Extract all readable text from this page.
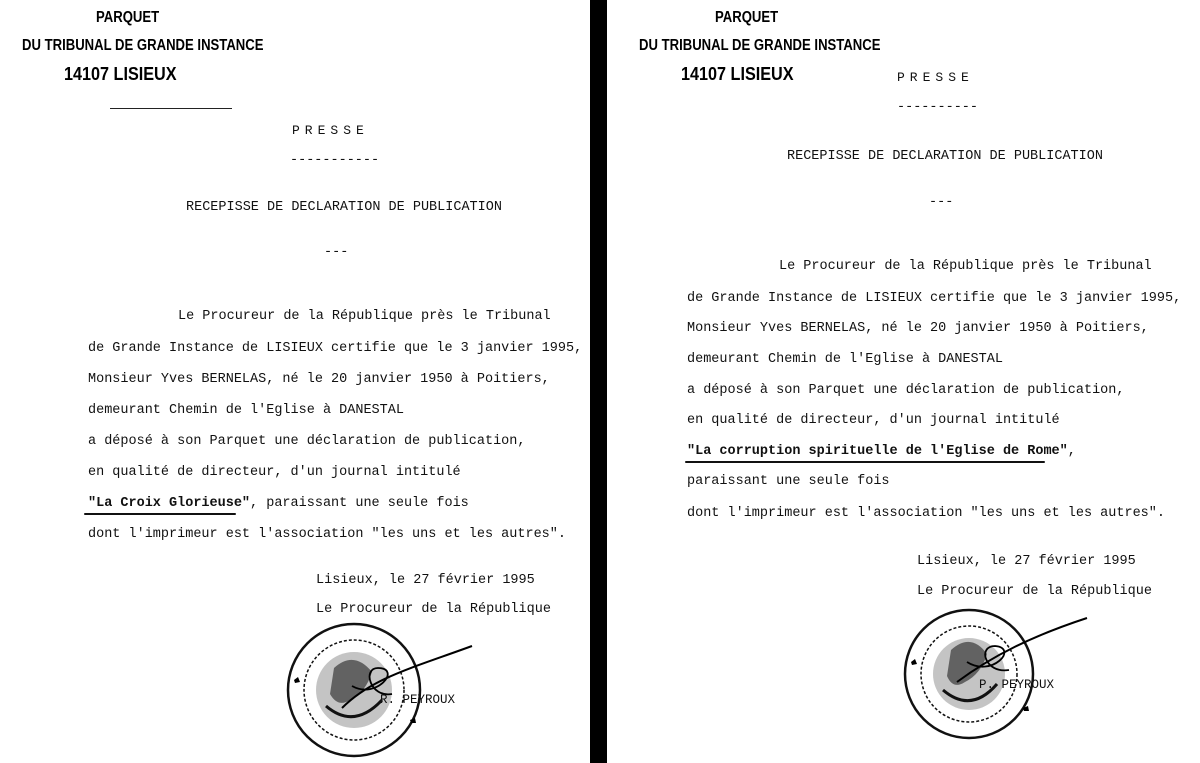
PARQUET
DU TRIBUNAL DE GRANDE INSTANCE
14107 LISIEUX
PRESSE
-----------
RECEPISSE DE DECLARATION DE PUBLICATION
---
Le Procureur de la République près le Tribunal
de Grande Instance de LISIEUX certifie que le 3 janvier 1995,
Monsieur Yves BERNELAS, né le 20 janvier 1950 à Poitiers,
demeurant Chemin de l'Eglise à DANESTAL
a déposé à son Parquet une déclaration de publication,
en qualité de directeur, d'un journal intitulé
"La Croix Glorieuse", paraissant une seule fois
dont l'imprimeur est l'association "les uns et les autres".
Lisieux, le 27 février 1995
Le Procureur de la République
R. PEYROUX
PARQUET
DU TRIBUNAL DE GRANDE INSTANCE
14107 LISIEUX	PRESSE
----------
RECEPISSE DE DECLARATION DE PUBLICATION
---
Le Procureur de la République près le Tribunal
de Grande Instance de LISIEUX certifie que le 3 janvier 1995,
Monsieur Yves BERNELAS, né le 20 janvier 1950 à Poitiers,
demeurant Chemin de l'Eglise à DANESTAL
a déposé à son Parquet une déclaration de publication,
en qualité de directeur, d'un journal intitulé
"La corruption spirituelle de l'Eglise de Rome",
paraissant une seule fois
dont l'imprimeur est l'association "les uns et les autres".
Lisieux, le 27 février 1995
Le Procureur de la République
P. PEYROUX
